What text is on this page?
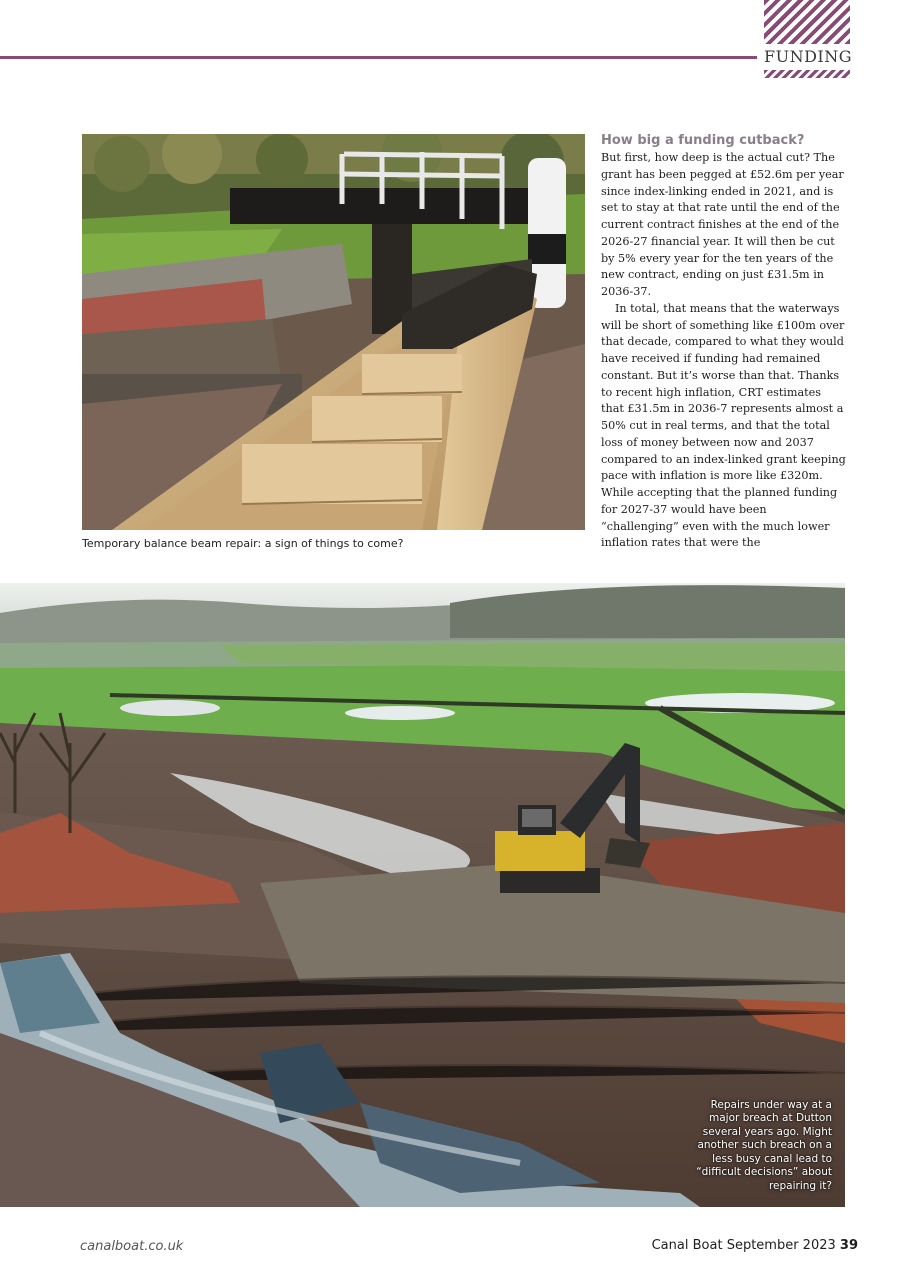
FUNDING
Temporary balance beam repair: a sign of things to come?
How big a funding cutback?

But first, how deep is the actual cut? The grant has been pegged at £52.6m per year since index-linking ended in 2021, and is set to stay at that rate until the end of the current contract finishes at the end of the 2026-27 financial year. It will then be cut by 5% every year for the ten years of the new contract, ending on just £31.5m in 2036-37.

In total, that means that the waterways will be short of something like £100m over that decade, compared to what they would have received if funding had remained constant. But it’s worse than that. Thanks to recent high inflation, CRT estimates that £31.5m in 2036-7 represents almost a 50% cut in real terms, and that the total loss of money between now and 2037 compared to an index-linked grant keeping pace with inflation is more like £320m. While accepting that the planned funding for 2027-37 would have been “challenging” even with the much lower inflation rates that were the

Repairs under way at a major breach at Dutton several years ago. Might another such breach on a less busy canal lead to “difficult decisions” about repairing it?
canalboat.co.uk	Canal Boat September 2023 39
